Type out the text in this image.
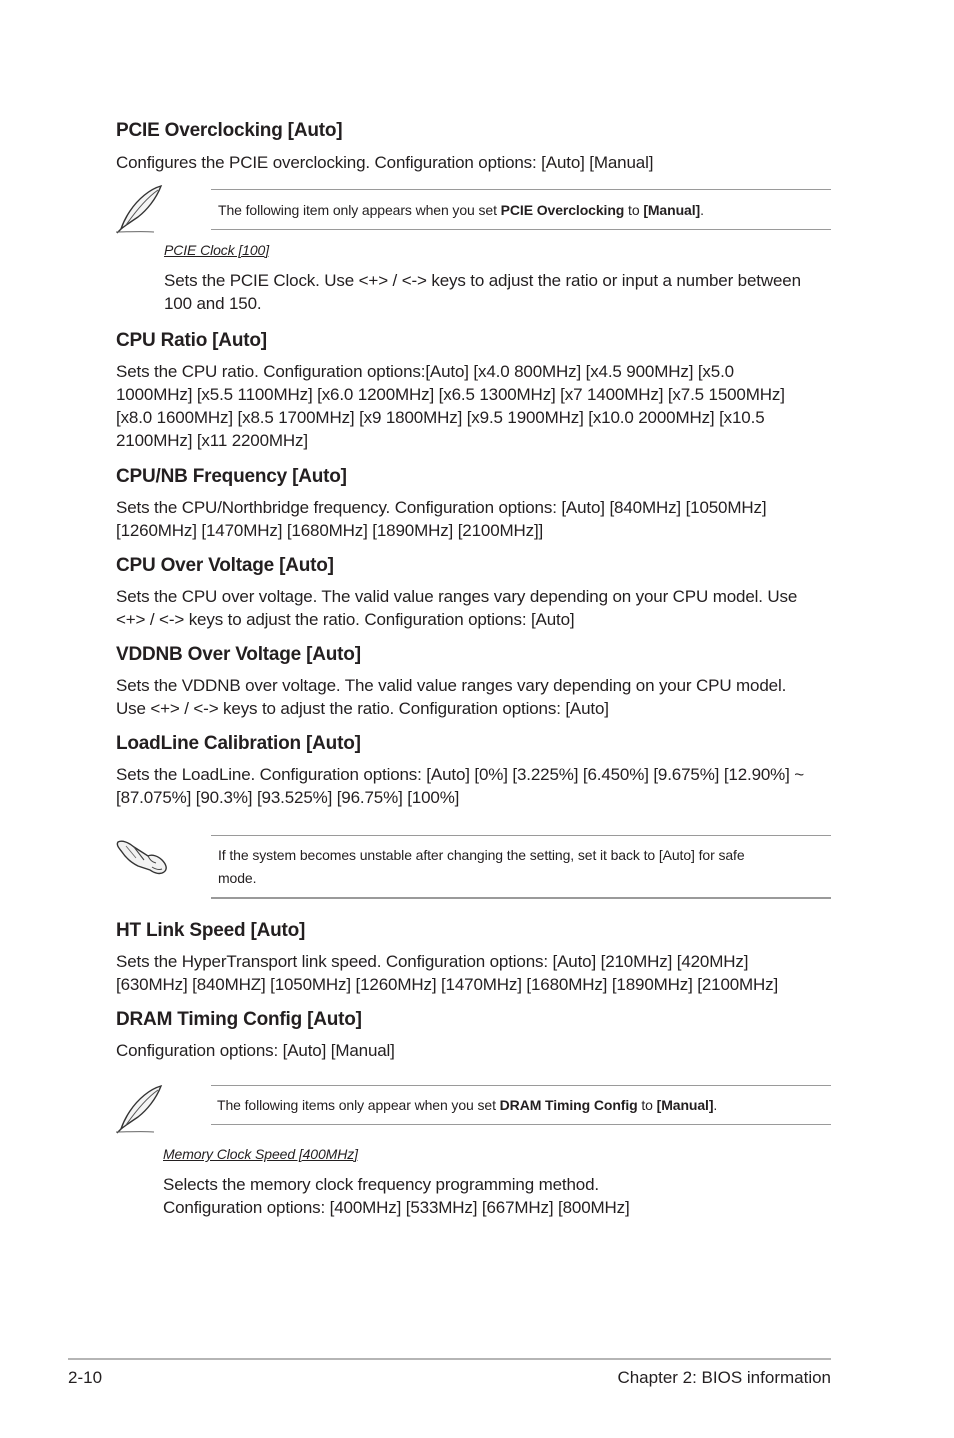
PCIE Overclocking [Auto]
Configures the PCIE overclocking. Configuration options: [Auto] [Manual]
The following item only appears when you set PCIE Overclocking to [Manual].
PCIE Clock [100]
Sets the PCIE Clock. Use <+> / <-> keys to adjust the ratio or input a number between
100 and 150.
CPU Ratio [Auto]
Sets the CPU ratio. Configuration options:[Auto] [x4.0 800MHz] [x4.5 900MHz] [x5.0
1000MHz] [x5.5 1100MHz] [x6.0 1200MHz] [x6.5 1300MHz] [x7 1400MHz] [x7.5 1500MHz]
[x8.0 1600MHz] [x8.5 1700MHz] [x9 1800MHz] [x9.5 1900MHz] [x10.0 2000MHz] [x10.5
2100MHz] [x11 2200MHz]
CPU/NB Frequency [Auto]
Sets the CPU/Northbridge frequency. Configuration options: [Auto] [840MHz] [1050MHz]
[1260MHz] [1470MHz] [1680MHz] [1890MHz] [2100MHz]]
CPU Over Voltage [Auto]
Sets the CPU over voltage. The valid value ranges vary depending on your CPU model. Use
<+> / <-> keys to adjust the ratio. Configuration options: [Auto]
VDDNB Over Voltage [Auto]
Sets the VDDNB over voltage. The valid value ranges vary depending on your CPU model.
Use <+> / <-> keys to adjust the ratio. Configuration options: [Auto]
LoadLine Calibration [Auto]
Sets the LoadLine. Configuration options: [Auto] [0%] [3.225%] [6.450%] [9.675%] [12.90%] ~
[87.075%] [90.3%] [93.525%] [96.75%] [100%]
If the system becomes unstable after changing the setting, set it back to [Auto] for safe
mode.
HT Link Speed [Auto]
Sets the HyperTransport link speed. Configuration options: [Auto] [210MHz] [420MHz]
[630MHz] [840MHZ] [1050MHz] [1260MHz] [1470MHz] [1680MHz] [1890MHz] [2100MHz]
DRAM Timing Config [Auto]
Configuration options: [Auto] [Manual]
The following items only appear when you set DRAM Timing Config to [Manual].
Memory Clock Speed [400MHz]
Selects the memory clock frequency programming method.
Configuration options: [400MHz] [533MHz] [667MHz] [800MHz]
2-10	Chapter 2: BIOS information
